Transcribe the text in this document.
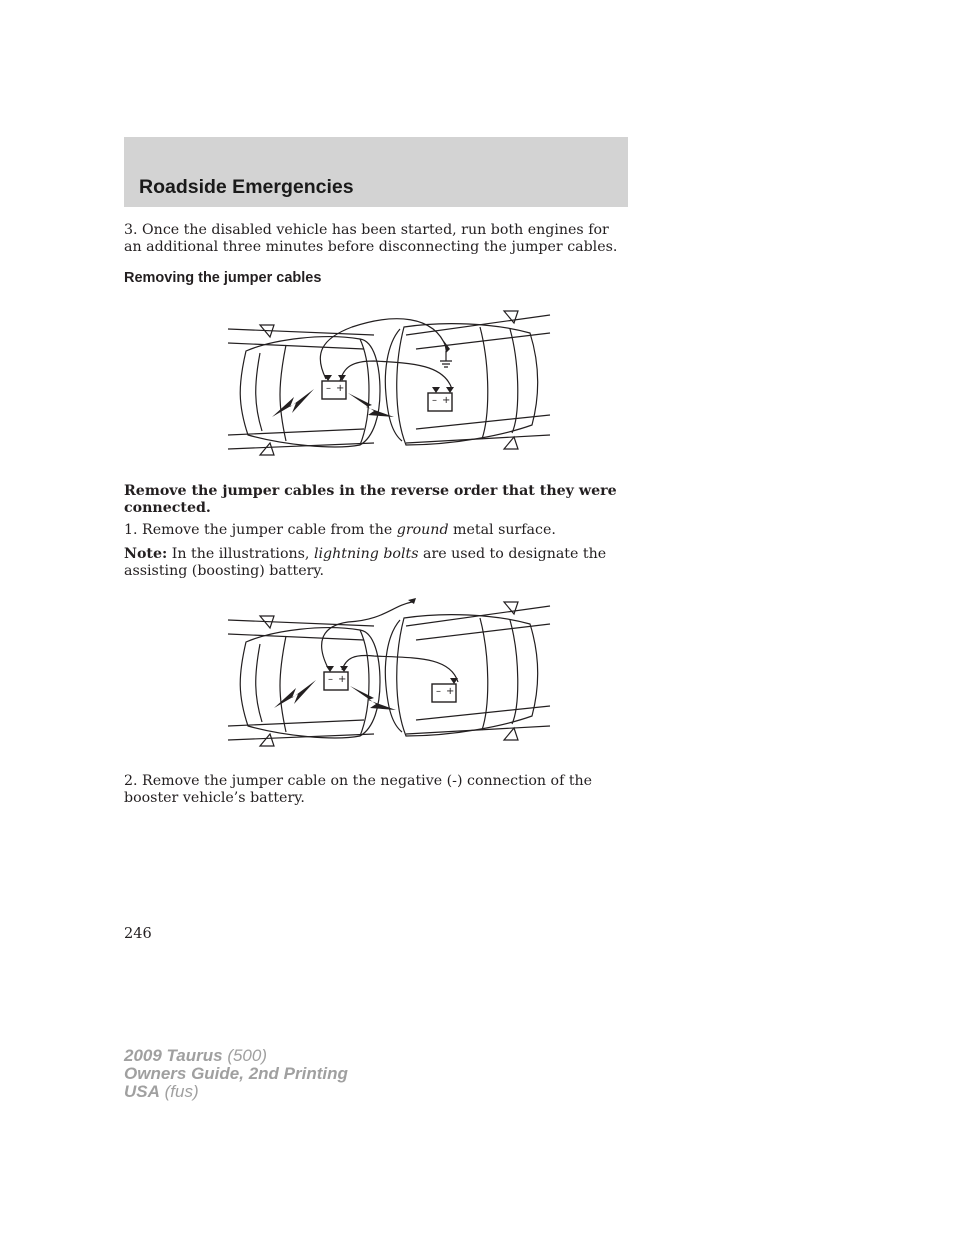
Roadside Emergencies

3. Once the disabled vehicle has been started, run both engines for an additional three minutes before disconnecting the jumper cables.

Removing the jumper cables
– +
– +

Remove the jumper cables in the reverse order that they were connected.

1. Remove the jumper cable from the ground metal surface.

Note: In the illustrations, lightning bolts are used to designate the assisting (boosting) battery.

– +
– +

2. Remove the jumper cable on the negative (-) connection of the booster vehicle’s battery.

246
2009 Taurus (500)
Owners Guide, 2nd Printing
USA (fus)
